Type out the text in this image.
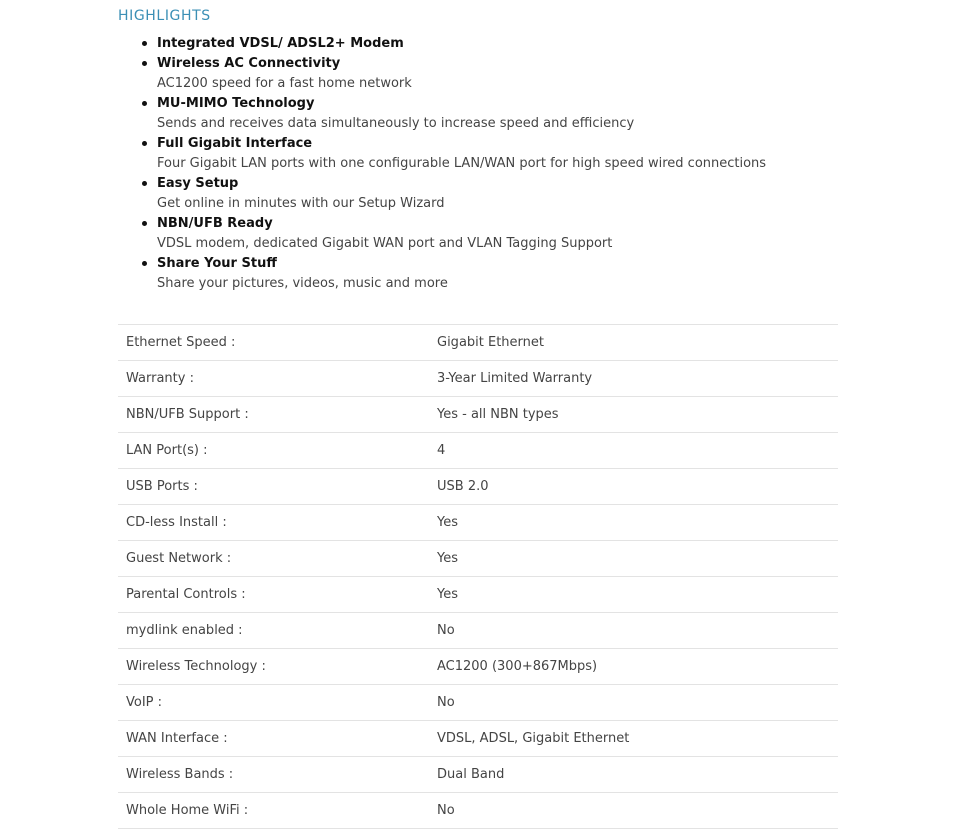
HIGHLIGHTS
Integrated VDSL/ ADSL2+ Modem
Wireless AC Connectivity
AC1200 speed for a fast home network
MU-MIMO Technology
Sends and receives data simultaneously to increase speed and efficiency
Full Gigabit Interface
Four Gigabit LAN ports with one configurable LAN/WAN port for high speed wired connections
Easy Setup
Get online in minutes with our Setup Wizard
NBN/UFB Ready
VDSL modem, dedicated Gigabit WAN port and VLAN Tagging Support
Share Your Stuff
Share your pictures, videos, music and more
Ethernet Speed :	Gigabit Ethernet
Warranty :	3-Year Limited Warranty
NBN/UFB Support :	Yes - all NBN types
LAN Port(s) :	4
USB Ports :	USB 2.0
CD-less Install :	Yes
Guest Network :	Yes
Parental Controls :	Yes
mydlink enabled :	No
Wireless Technology :	AC1200 (300+867Mbps)
VoIP :	No
WAN Interface :	VDSL, ADSL, Gigabit Ethernet
Wireless Bands :	Dual Band
Whole Home WiFi :	No
